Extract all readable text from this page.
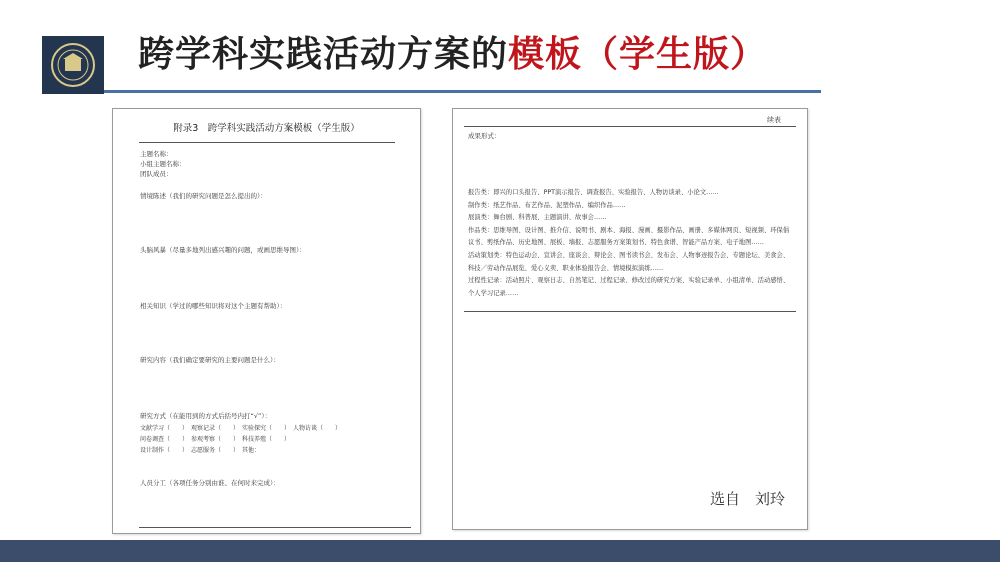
跨学科实践活动方案的模板（学生版）
附录3　跨学科实践活动方案模板（学生版）
主题名称：
小组主题名称：
团队成员：
情境陈述（我们的研究问题是怎么提出的）：
头脑风暴（尽量多地列出感兴趣的问题，或画思维导图）：
相关知识（学过的哪些知识将对这个主题有帮助）：
研究内容（我们确定要研究的主要问题是什么）：
研究方式（在能用到的方式后括号内打“√”）：
文献学习（　　）　观察记录（　　）　实验探究（　　）　人物访谈（　　）
问卷调查（　　）　参观考察（　　）　科技养殖（　　）
设计制作（　　）　志愿服务（　　）　其他：
人员分工（各项任务分别由谁、在何时来完成）：
续表
成果形式：
报告类：即兴的口头报告、PPT演示报告、调查报告、实验报告、人物访谈录、小论文……
制作类：纸艺作品、布艺作品、泥塑作品、编织作品……
展演类：舞台剧、科普展、主题演讲、故事会……
作品类：思维导图、设计图、推介信、说明书、剧本、海报、漫画、摄影作品、画册、多媒体网页、短视频、环保倡议书、剪纸作品、历史地图、展板、墙报、志愿服务方案策划书、特色食谱、智能产品方案、电子地图……
活动策划类：特色运动会、宣讲会、座谈会、辩论会、图书读书会、发布会、人物事迹报告会、专题论坛、美食会、科技／劳动作品展览、爱心义卖、职业体验报告会、情境模拟演练……
过程性记录：活动照片、观察日志、自然笔记、过程记录、修改过的研究方案、实验记录单、小组清单、活动感悟、个人学习记录……
选自　刘玲
